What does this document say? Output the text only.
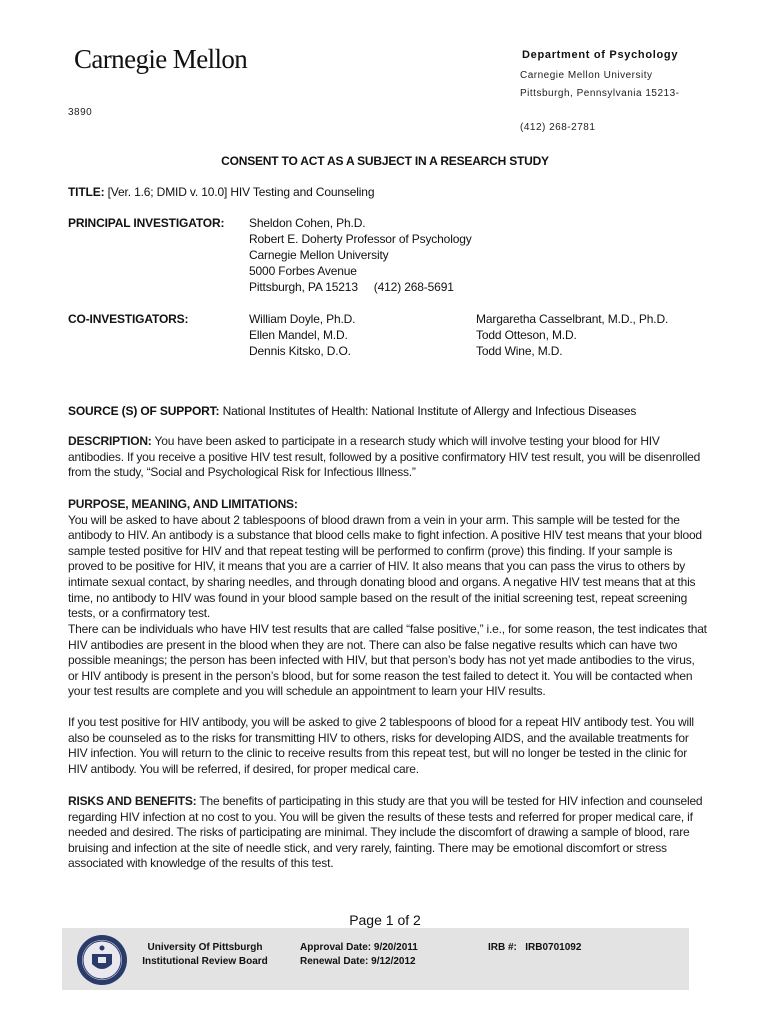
Carnegie Mellon	Department of Psychology
Carnegie Mellon University
Pittsburgh, Pennsylvania 15213-
3890
(412) 268-2781
CONSENT TO ACT AS A SUBJECT IN A RESEARCH STUDY
TITLE: [Ver. 1.6; DMID v. 10.0] HIV Testing and Counseling
PRINCIPAL INVESTIGATOR: Sheldon Cohen, Ph.D.
Robert E. Doherty Professor of Psychology
Carnegie Mellon University
5000 Forbes Avenue
Pittsburgh, PA 15213     (412) 268-5691
CO-INVESTIGATORS:	William Doyle, Ph.D.
Ellen Mandel, M.D.
Dennis Kitsko, D.O.
Margaretha Casselbrant, M.D., Ph.D.
Todd Otteson, M.D.
Todd Wine, M.D.
SOURCE (S) OF SUPPORT: National Institutes of Health: National Institute of Allergy and Infectious Diseases

DESCRIPTION: You have been asked to participate in a research study which will involve testing your blood for HIV antibodies. If you receive a positive HIV test result, followed by a positive confirmatory HIV test result, you will be disenrolled from the study, “Social and Psychological Risk for Infectious Illness.”

PURPOSE, MEANING, AND LIMITATIONS:

You will be asked to have about 2 tablespoons of blood drawn from a vein in your arm. This sample will be tested for the antibody to HIV. An antibody is a substance that blood cells make to fight infection. A positive HIV test means that your blood sample tested positive for HIV and that repeat testing will be performed to confirm (prove) this finding. If your sample is proved to be positive for HIV, it means that you are a carrier of HIV. It also means that you can pass the virus to others by intimate sexual contact, by sharing needles, and through donating blood and organs. A negative HIV test means that at this time, no antibody to HIV was found in your blood sample based on the result of the initial screening test, repeat screening tests, or a confirmatory test.

There can be individuals who have HIV test results that are called “false positive,” i.e., for some reason, the test indicates that HIV antibodies are present in the blood when they are not. There can also be false negative results which can have two possible meanings; the person has been infected with HIV, but that person’s body has not yet made antibodies to the virus, or HIV antibody is present in the person’s blood, but for some reason the test failed to detect it. You will be contacted when your test results are complete and you will schedule an appointment to learn your HIV results.

If you test positive for HIV antibody, you will be asked to give 2 tablespoons of blood for a repeat HIV antibody test. You will also be counseled as to the risks for transmitting HIV to others, risks for developing AIDS, and the available treatments for HIV infection. You will return to the clinic to receive results from this repeat test, but will no longer be tested in the clinic for HIV antibody. You will be referred, if desired, for proper medical care.

RISKS AND BENEFITS: The benefits of participating in this study are that you will be tested for HIV infection and counseled regarding HIV infection at no cost to you. You will be given the results of these tests and referred for proper medical care, if needed and desired. The risks of participating are minimal. They include the discomfort of drawing a sample of blood, rare bruising and infection at the site of needle stick, and very rarely, fainting. There may be emotional discomfort or stress associated with knowledge of the results of this test.

Page 1 of 2
University Of Pittsburgh
Institutional Review Board
Approval Date: 9/20/2011
Renewal Date: 9/12/2012
IRB #:   IRB0701092
